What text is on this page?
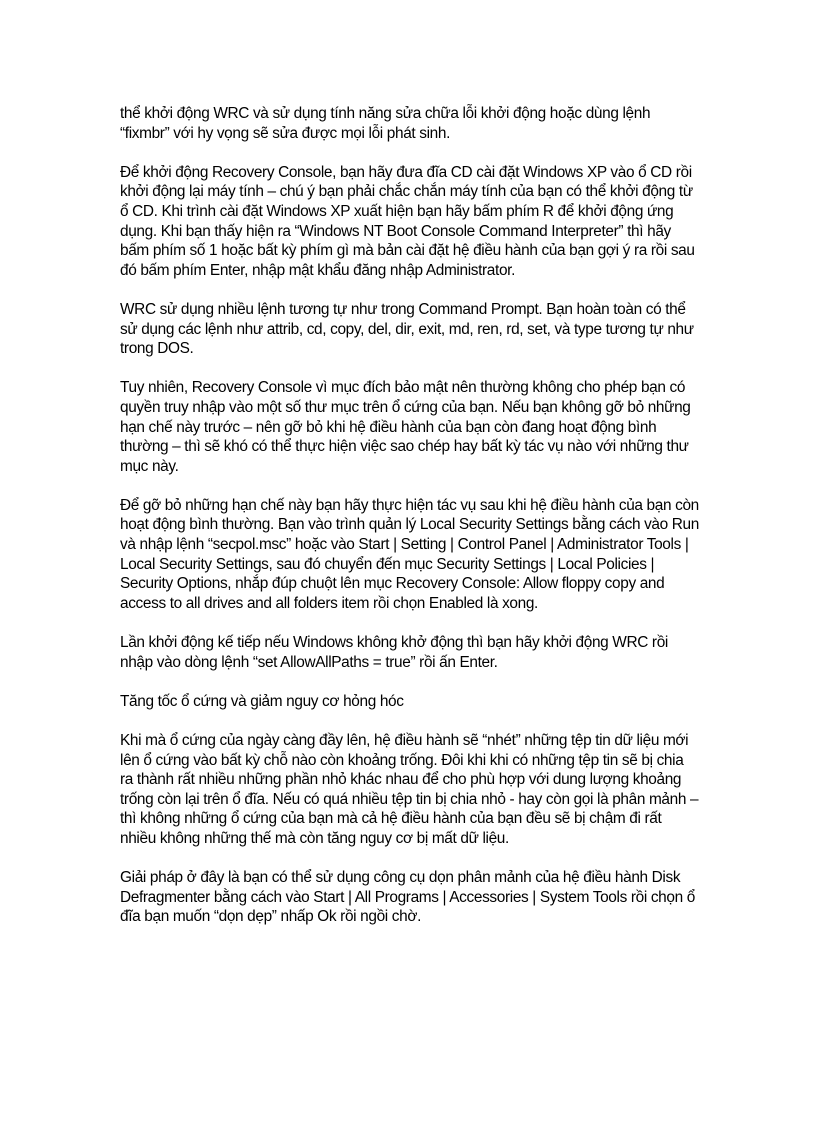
thể khởi động WRC và sử dụng tính năng sửa chữa lỗi khởi động hoặc dùng lệnh “fixmbr” với hy vọng sẽ sửa được mọi lỗi phát sinh.

Để khởi động Recovery Console, bạn hãy đưa đĩa CD cài đặt Windows XP vào ổ CD rồi khởi động lại máy tính – chú ý bạn phải chắc chắn máy tính của bạn có thể khởi động từ ổ CD. Khi trình cài đặt Windows XP xuất hiện bạn hãy bấm phím R để khởi động ứng dụng. Khi bạn thấy hiện ra “Windows NT Boot Console Command Interpreter” thì hãy bấm phím số 1 hoặc bất kỳ phím gì mà bản cài đặt hệ điều hành của bạn gợi ý ra rồi sau đó bấm phím Enter, nhập mật khẩu đăng nhập Administrator.

WRC sử dụng nhiều lệnh tương tự như trong Command Prompt. Bạn hoàn toàn có thể sử dụng các lệnh như attrib, cd, copy, del, dir, exit, md, ren, rd, set, và type tương tự như trong DOS.

Tuy nhiên, Recovery Console vì mục đích bảo mật nên thường không cho phép bạn có quyền truy nhập vào một số thư mục trên ổ cứng của bạn. Nếu bạn không gỡ bỏ những hạn chế này trước – nên gỡ bỏ khi hệ điều hành của bạn còn đang hoạt động bình thường – thì sẽ khó có thể thực hiện việc sao chép hay bất kỳ tác vụ nào với những thư mục này.

Để gỡ bỏ những hạn chế này bạn hãy thực hiện tác vụ sau khi hệ điều hành của bạn còn hoạt động bình thường. Bạn vào trình quản lý Local Security Settings bằng cách vào Run và nhập lệnh “secpol.msc” hoặc vào Start | Setting | Control Panel | Administrator Tools | Local Security Settings, sau đó chuyển đến mục Security Settings | Local Policies | Security Options, nhắp đúp chuột lên mục Recovery Console: Allow floppy copy and access to all drives and all folders item rồi chọn Enabled là xong.

Lần khởi động kế tiếp nếu Windows không khở động thì bạn hãy khởi động WRC rồi nhập vào dòng lệnh “set AllowAllPaths = true” rồi ấn Enter.

Tăng tốc ổ cứng và giảm nguy cơ hỏng hóc

Khi mà ổ cứng của ngày càng đầy lên, hệ điều hành sẽ “nhét” những tệp tin dữ liệu mới lên ổ cứng vào bất kỳ chỗ nào còn khoảng trống. Đôi khi khi có những tệp tin sẽ bị chia ra thành rất nhiều những phần nhỏ khác nhau để cho phù hợp với dung lượng khoảng trống còn lại trên ổ đĩa. Nếu có quá nhiều tệp tin bị chia nhỏ - hay còn gọi là phân mảnh – thì không những ổ cứng của bạn mà cả hệ điều hành của bạn đều sẽ bị chậm đi rất nhiều không những thế mà còn tăng nguy cơ bị mất dữ liệu.

Giải pháp ở đây là bạn có thể sử dụng công cụ dọn phân mảnh của hệ điều hành Disk Defragmenter bằng cách vào Start | All Programs | Accessories | System Tools rồi chọn ổ đĩa bạn muốn “dọn dẹp” nhấp Ok rồi ngồi chờ.
